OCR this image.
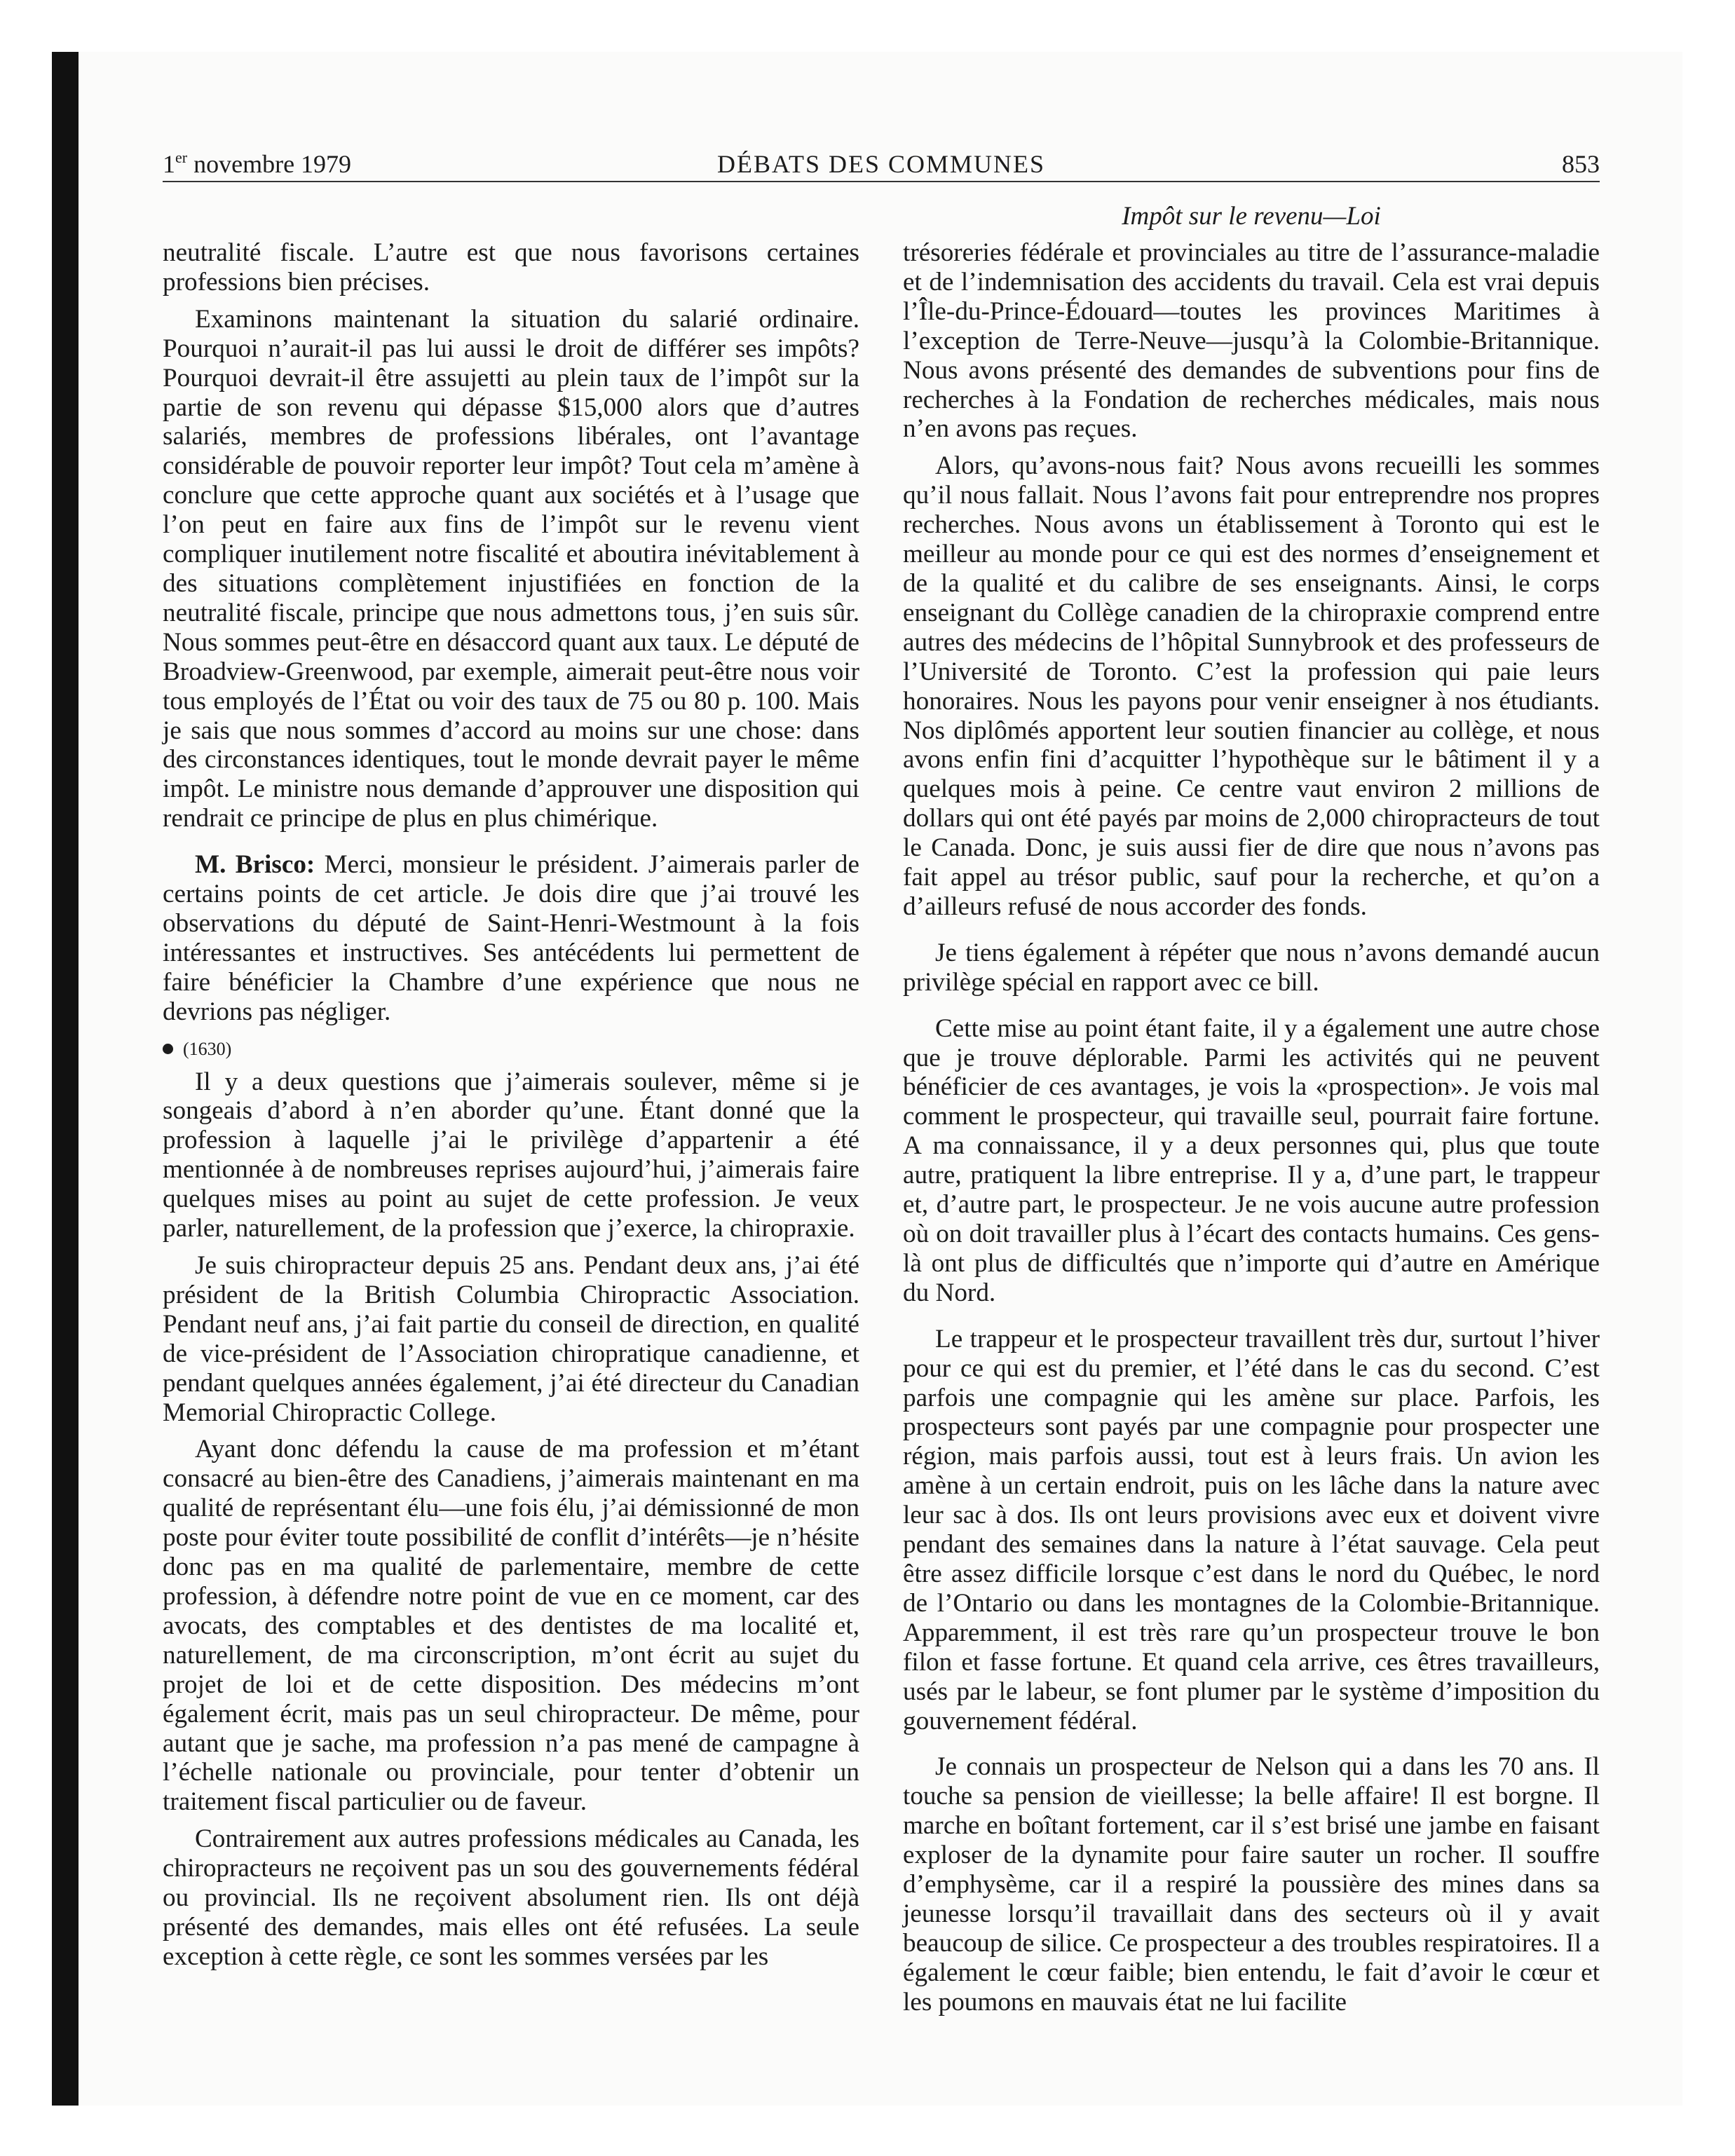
1er novembre 1979	DÉBATS DES COMMUNES	853
Impôt sur le revenu—Loi

neutralité fiscale. L’autre est que nous favorisons certaines professions bien précises.

Examinons maintenant la situation du salarié ordinaire. Pourquoi n’aurait-il pas lui aussi le droit de différer ses impôts? Pourquoi devrait-il être assujetti au plein taux de l’impôt sur la partie de son revenu qui dépasse $15,000 alors que d’autres salariés, membres de professions libérales, ont l’avantage considérable de pouvoir reporter leur impôt? Tout cela m’amène à conclure que cette approche quant aux sociétés et à l’usage que l’on peut en faire aux fins de l’impôt sur le revenu vient compliquer inutilement notre fiscalité et aboutira inévitablement à des situations complètement injustifiées en fonction de la neutralité fiscale, principe que nous admettons tous, j’en suis sûr. Nous sommes peut-être en désaccord quant aux taux. Le député de Broadview-Greenwood, par exemple, aimerait peut-être nous voir tous employés de l’État ou voir des taux de 75 ou 80 p. 100. Mais je sais que nous sommes d’accord au moins sur une chose: dans des circonstances identiques, tout le monde devrait payer le même impôt. Le ministre nous demande d’approuver une disposition qui rendrait ce principe de plus en plus chimérique.

M. Brisco: Merci, monsieur le président. J’aimerais parler de certains points de cet article. Je dois dire que j’ai trouvé les observations du député de Saint-Henri-Westmount à la fois intéressantes et instructives. Ses antécédents lui permettent de faire bénéficier la Chambre d’une expérience que nous ne devrions pas négliger.

(1630)

Il y a deux questions que j’aimerais soulever, même si je songeais d’abord à n’en aborder qu’une. Étant donné que la profession à laquelle j’ai le privilège d’appartenir a été mentionnée à de nombreuses reprises aujourd’hui, j’aimerais faire quelques mises au point au sujet de cette profession. Je veux parler, naturellement, de la profession que j’exerce, la chiropraxie.

Je suis chiropracteur depuis 25 ans. Pendant deux ans, j’ai été président de la British Columbia Chiropractic Association. Pendant neuf ans, j’ai fait partie du conseil de direction, en qualité de vice-président de l’Association chiropratique canadienne, et pendant quelques années également, j’ai été directeur du Canadian Memorial Chiropractic College.

Ayant donc défendu la cause de ma profession et m’étant consacré au bien-être des Canadiens, j’aimerais maintenant en ma qualité de représentant élu—une fois élu, j’ai démissionné de mon poste pour éviter toute possibilité de conflit d’intérêts—je n’hésite donc pas en ma qualité de parlementaire, membre de cette profession, à défendre notre point de vue en ce moment, car des avocats, des comptables et des dentistes de ma localité et, naturellement, de ma circonscription, m’ont écrit au sujet du projet de loi et de cette disposition. Des médecins m’ont également écrit, mais pas un seul chiropracteur. De même, pour autant que je sache, ma profession n’a pas mené de campagne à l’échelle nationale ou provinciale, pour tenter d’obtenir un traitement fiscal particulier ou de faveur.

Contrairement aux autres professions médicales au Canada, les chiropracteurs ne reçoivent pas un sou des gouvernements fédéral ou provincial. Ils ne reçoivent absolument rien. Ils ont déjà présenté des demandes, mais elles ont été refusées. La seule exception à cette règle, ce sont les sommes versées par les

trésoreries fédérale et provinciales au titre de l’assurance-maladie et de l’indemnisation des accidents du travail. Cela est vrai depuis l’Île-du-Prince-Édouard—toutes les provinces Maritimes à l’exception de Terre-Neuve—jusqu’à la Colombie-Britannique. Nous avons présenté des demandes de subventions pour fins de recherches à la Fondation de recherches médicales, mais nous n’en avons pas reçues.

Alors, qu’avons-nous fait? Nous avons recueilli les sommes qu’il nous fallait. Nous l’avons fait pour entreprendre nos propres recherches. Nous avons un établissement à Toronto qui est le meilleur au monde pour ce qui est des normes d’enseignement et de la qualité et du calibre de ses enseignants. Ainsi, le corps enseignant du Collège canadien de la chiropraxie comprend entre autres des médecins de l’hôpital Sunnybrook et des professeurs de l’Université de Toronto. C’est la profession qui paie leurs honoraires. Nous les payons pour venir enseigner à nos étudiants. Nos diplômés apportent leur soutien financier au collège, et nous avons enfin fini d’acquitter l’hypothèque sur le bâtiment il y a quelques mois à peine. Ce centre vaut environ 2 millions de dollars qui ont été payés par moins de 2,000 chiropracteurs de tout le Canada. Donc, je suis aussi fier de dire que nous n’avons pas fait appel au trésor public, sauf pour la recherche, et qu’on a d’ailleurs refusé de nous accorder des fonds.

Je tiens également à répéter que nous n’avons demandé aucun privilège spécial en rapport avec ce bill.

Cette mise au point étant faite, il y a également une autre chose que je trouve déplorable. Parmi les activités qui ne peuvent bénéficier de ces avantages, je vois la «prospection». Je vois mal comment le prospecteur, qui travaille seul, pourrait faire fortune. A ma connaissance, il y a deux personnes qui, plus que toute autre, pratiquent la libre entreprise. Il y a, d’une part, le trappeur et, d’autre part, le prospecteur. Je ne vois aucune autre profession où on doit travailler plus à l’écart des contacts humains. Ces gens-là ont plus de difficultés que n’importe qui d’autre en Amérique du Nord.

Le trappeur et le prospecteur travaillent très dur, surtout l’hiver pour ce qui est du premier, et l’été dans le cas du second. C’est parfois une compagnie qui les amène sur place. Parfois, les prospecteurs sont payés par une compagnie pour prospecter une région, mais parfois aussi, tout est à leurs frais. Un avion les amène à un certain endroit, puis on les lâche dans la nature avec leur sac à dos. Ils ont leurs provisions avec eux et doivent vivre pendant des semaines dans la nature à l’état sauvage. Cela peut être assez difficile lorsque c’est dans le nord du Québec, le nord de l’Ontario ou dans les montagnes de la Colombie-Britannique. Apparemment, il est très rare qu’un prospecteur trouve le bon filon et fasse fortune. Et quand cela arrive, ces êtres travailleurs, usés par le labeur, se font plumer par le système d’imposition du gouvernement fédéral.

Je connais un prospecteur de Nelson qui a dans les 70 ans. Il touche sa pension de vieillesse; la belle affaire! Il est borgne. Il marche en boîtant fortement, car il s’est brisé une jambe en faisant exploser de la dynamite pour faire sauter un rocher. Il souffre d’emphysème, car il a respiré la poussière des mines dans sa jeunesse lorsqu’il travaillait dans des secteurs où il y avait beaucoup de silice. Ce prospecteur a des troubles respiratoires. Il a également le cœur faible; bien entendu, le fait d’avoir le cœur et les poumons en mauvais état ne lui facilite
